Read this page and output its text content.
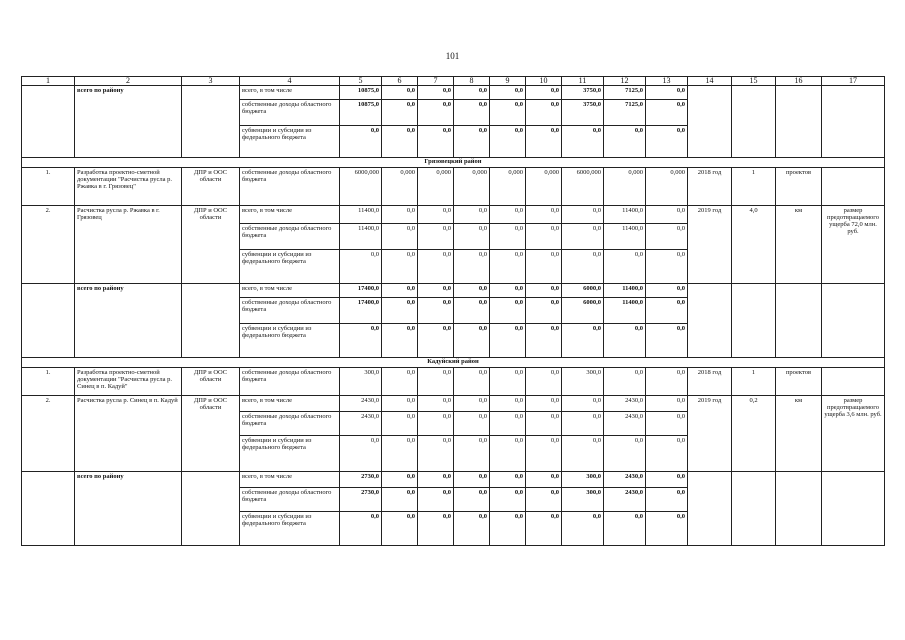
101
1	2	3	4	5	6	7	8	9	10	11	12	13	14	15	16	17
	всего по району		всего, в том числе	10875,0	0,0	0,0	0,0	0,0	0,0	3750,0	7125,0	0,0				
			собственные доходы областного бюджета	10875,0	0,0	0,0	0,0	0,0	0,0	3750,0	7125,0	0,0				
			субвенции и субсидии из федерального бюджета	0,0	0,0	0,0	0,0	0,0	0,0	0,0	0,0	0,0				
Грязовецкий район																
1.	Разработка проектно-сметной документации "Расчистка русла р. Ржавка в г. Грязовец"	ДПР и ООС области	собственные доходы областного бюджета	6000,000	0,000	0,000	0,000	0,000	0,000	6000,000	0,000	0,000	2018 год	1	проектов	
2.	Расчистка русла р. Ржавка в г. Грязовец	ДПР и ООС области	всего, в том числе	11400,0	0,0	0,0	0,0	0,0	0,0	0,0	11400,0	0,0	2019 год	4,0	км	размер предотвращаемого ущерба 72,0 млн. руб.
			собственные доходы областного бюджета	11400,0	0,0	0,0	0,0	0,0	0,0	0,0	11400,0	0,0				
			субвенции и субсидии из федерального бюджета	0,0	0,0	0,0	0,0	0,0	0,0	0,0	0,0	0,0				
	всего по району		всего, в том числе	17400,0	0,0	0,0	0,0	0,0	0,0	6000,0	11400,0	0,0				
			собственные доходы областного бюджета	17400,0	0,0	0,0	0,0	0,0	0,0	6000,0	11400,0	0,0				
			субвенции и субсидии из федерального бюджета	0,0	0,0	0,0	0,0	0,0	0,0	0,0	0,0	0,0				
Кадуйский район																
1.	Разработка проектно-сметной документации "Расчистка русла р. Синец в п. Кадуй"	ДПР и ООС области	собственные доходы областного бюджета	300,0	0,0	0,0	0,0	0,0	0,0	300,0	0,0	0,0	2018 год	1	проектов	
2.	Расчистка русла р. Синец в п. Кадуй	ДПР и ООС области	всего, в том числе	2430,0	0,0	0,0	0,0	0,0	0,0	0,0	2430,0	0,0	2019 год	0,2	км	размер предотвращаемого ущерба 3,6 млн. руб.
			собственные доходы областного бюджета	2430,0	0,0	0,0	0,0	0,0	0,0	0,0	2430,0	0,0				
			субвенции и субсидии из федерального бюджета	0,0	0,0	0,0	0,0	0,0	0,0	0,0	0,0	0,0				
	всего по району		всего, в том числе	2730,0	0,0	0,0	0,0	0,0	0,0	300,0	2430,0	0,0				
			собственные доходы областного бюджета	2730,0	0,0	0,0	0,0	0,0	0,0	300,0	2430,0	0,0				
			субвенции и субсидии из федерального бюджета	0,0	0,0	0,0	0,0	0,0	0,0	0,0	0,0	0,0				
